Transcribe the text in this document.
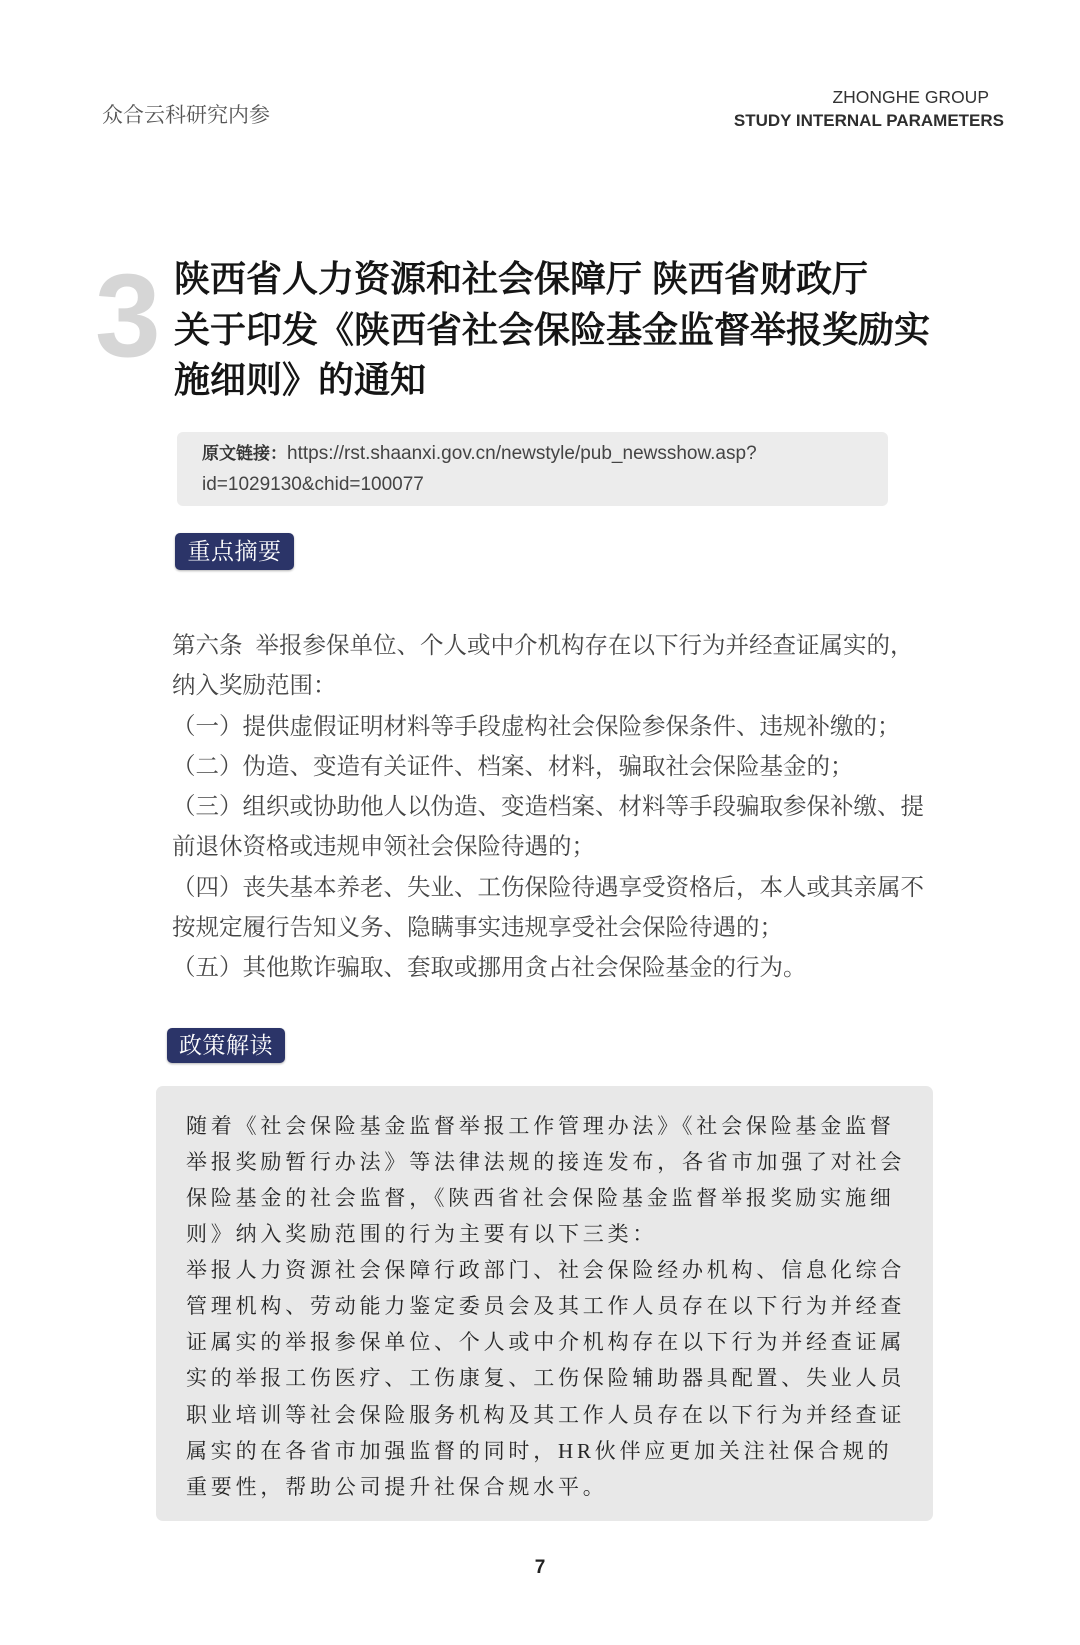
众合云科研究内参
ZHONGHE GROUP
STUDY INTERNAL PARAMETERS
3 陕西省人力资源和社会保障厅 陕西省财政厅
关于印发《陕西省社会保险基金监督举报奖励实
施细则》的通知
原文链接：https://rst.shaanxi.gov.cn/newstyle/pub_newsshow.asp?
id=1029130&chid=100077
重点摘要
第六条  举报参保单位、个人或中介机构存在以下行为并经查证属实的，
纳入奖励范围：
（一）提供虚假证明材料等手段虚构社会保险参保条件、违规补缴的；
（二）伪造、变造有关证件、档案、材料，骗取社会保险基金的；
（三）组织或协助他人以伪造、变造档案、材料等手段骗取参保补缴、提
前退休资格或违规申领社会保险待遇的；
（四）丧失基本养老、失业、工伤保险待遇享受资格后，本人或其亲属不
按规定履行告知义务、隐瞒事实违规享受社会保险待遇的；
（五）其他欺诈骗取、套取或挪用贪占社会保险基金的行为。
政策解读
随着《社会保险基金监督举报工作管理办法》《社会保险基金监督
举报奖励暂行办法》等法律法规的接连发布，各省市加强了对社会
保险基金的社会监督，《陕西省社会保险基金监督举报奖励实施细
则》纳入奖励范围的行为主要有以下三类：
举报人力资源社会保障行政部门、社会保险经办机构、信息化综合
管理机构、劳动能力鉴定委员会及其工作人员存在以下行为并经查
证属实的举报参保单位、个人或中介机构存在以下行为并经查证属
实的举报工伤医疗、工伤康复、工伤保险辅助器具配置、失业人员
职业培训等社会保险服务机构及其工作人员存在以下行为并经查证
属实的在各省市加强监督的同时，HR伙伴应更加关注社保合规的
重要性，帮助公司提升社保合规水平。
7
